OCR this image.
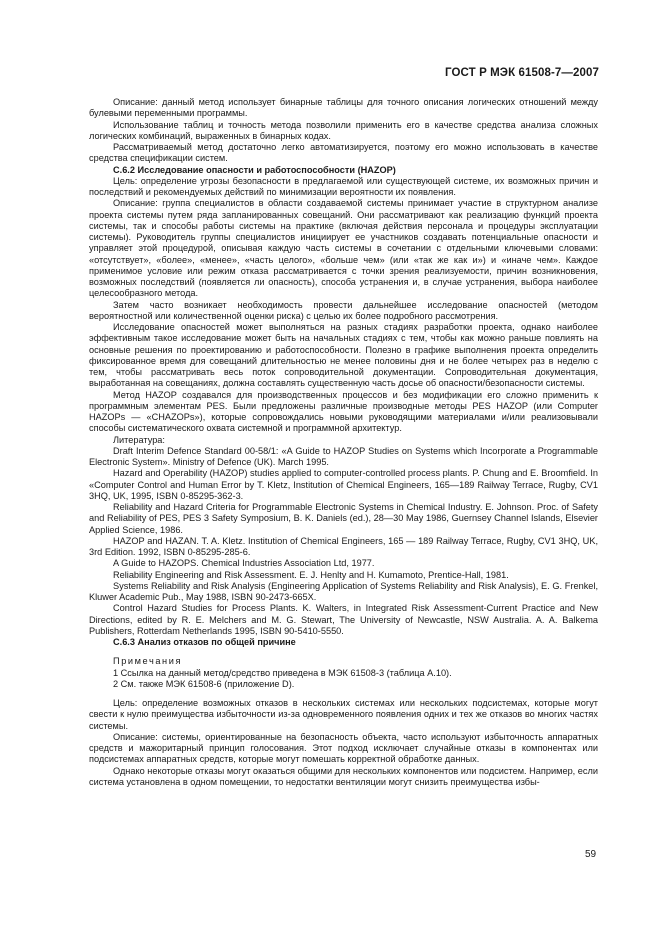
ГОСТ Р МЭК 61508-7—2007

Описание: данный метод использует бинарные таблицы для точного описания логических отношений между булевыми переменными программы.

Использование таблиц и точность метода позволили применить его в качестве средства анализа сложных логических комбинаций, выраженных в бинарных кодах.

Рассматриваемый метод достаточно легко автоматизируется, поэтому его можно использовать в качестве средства спецификации систем.

С.6.2 Исследование опасности и работоспособности (HAZOP)

Цель: определение угрозы безопасности в предлагаемой или существующей системе, их возможных причин и последствий и рекомендуемых действий по минимизации вероятности их появления.

Описание: группа специалистов в области создаваемой системы принимает участие в структурном анализе проекта системы путем ряда запланированных совещаний. Они рассматривают как реализацию функций проекта системы, так и способы работы системы на практике (включая действия персонала и процедуры эксплуатации системы). Руководитель группы специалистов инициирует ее участников создавать потенциальные опасности и управляет этой процедурой, описывая каждую часть системы в сочетании с отдельными ключевыми словами: «отсутствует», «более», «менее», «часть целого», «больше чем» (или «так же как и») и «иначе чем». Каждое применимое условие или режим отказа рассматривается с точки зрения реализуемости, причин возникновения, возможных последствий (появляется ли опасность), способа устранения и, в случае устранения, выбора наиболее целесообразного метода.

Затем часто возникает необходимость провести дальнейшее исследование опасностей (методом вероятностной или количественной оценки риска) с целью их более подробного рассмотрения.

Исследование опасностей может выполняться на разных стадиях разработки проекта, однако наиболее эффективным такое исследование может быть на начальных стадиях с тем, чтобы как можно раньше повлиять на основные решения по проектированию и работоспособности. Полезно в графике выполнения проекта определить фиксированное время для совещаний длительностью не менее половины дня и не более четырех раз в неделю с тем, чтобы рассматривать весь поток сопроводительной документации. Сопроводительная документация, выработанная на совещаниях, должна составлять существенную часть досье об опасности/безопасности системы.

Метод HAZOP создавался для производственных процессов и без модификации его сложно применить к программным элементам PES. Были предложены различные производные методы PES HAZOP (или Computer HAZOPs — «CHAZOPs»), которые сопровождались новыми руководящими материалами и/или реализовывали способы систематического охвата системной и программной архитектур.

Литература:

Draft Interim Defence Standard 00-58/1: «A Guide to HAZOP Studies on Systems which Incorporate a Programmable Electronic System». Ministry of Defence (UK). March 1995.

Hazard and Operability (HAZOP) studies applied to computer-controlled process plants. P. Chung and E. Broomfield. In «Computer Control and Human Error by T. Kletz, Institution of Chemical Engineers, 165—189 Railway Terrace, Rugby, CV1 3HQ, UK, 1995, ISBN 0-85295-362-3.

Reliability and Hazard Criteria for Programmable Electronic Systems in Chemical Industry. E. Johnson. Proc. of Safety and Reliability of PES, PES 3 Safety Symposium, B. K. Daniels (ed.), 28—30 May 1986, Guernsey Channel Islands, Elsevier Applied Science, 1986.

HAZOP and HAZAN. T. A. Kletz. Institution of Chemical Engineers, 165 — 189 Railway Terrace, Rugby, CV1 3HQ, UK, 3rd Edition. 1992, ISBN 0-85295-285-6.

A Guide to HAZOPS. Chemical Industries Association Ltd, 1977.

Reliability Engineering and Risk Assessment. E. J. Henlty and H. Kumamoto, Prentice-Hall, 1981.

Systems Reliability and Risk Analysis (Engineering Application of Systems Reliability and Risk Analysis), E. G. Frenkel, Kluwer Academic Pub., May 1988, ISBN 90-2473-665X.

Control Hazard Studies for Process Plants. K. Walters, in Integrated Risk Assessment-Current Practice and New Directions, edited by R. E. Melchers and M. G. Stewart, The University of Newcastle, NSW Australia. A. A. Balkema Publishers, Rotterdam Netherlands 1995, ISBN 90-5410-5550.

С.6.3 Анализ отказов по общей причине

Примечания

1 Ссылка на данный метод/средство приведена в МЭК 61508-3 (таблица А.10).

2 См. также МЭК 61508-6 (приложение D).

Цель: определение возможных отказов в нескольких системах или нескольких подсистемах, которые могут свести к нулю преимущества избыточности из-за одновременного появления одних и тех же отказов во многих частях системы.

Описание: системы, ориентированные на безопасность объекта, часто используют избыточность аппаратных средств и мажоритарный принцип голосования. Этот подход исключает случайные отказы в компонентах или подсистемах аппаратных средств, которые могут помешать корректной обработке данных.

Однако некоторые отказы могут оказаться общими для нескольких компонентов или подсистем. Например, если система установлена в одном помещении, то недостатки вентиляции могут снизить преимущества избы-

59
